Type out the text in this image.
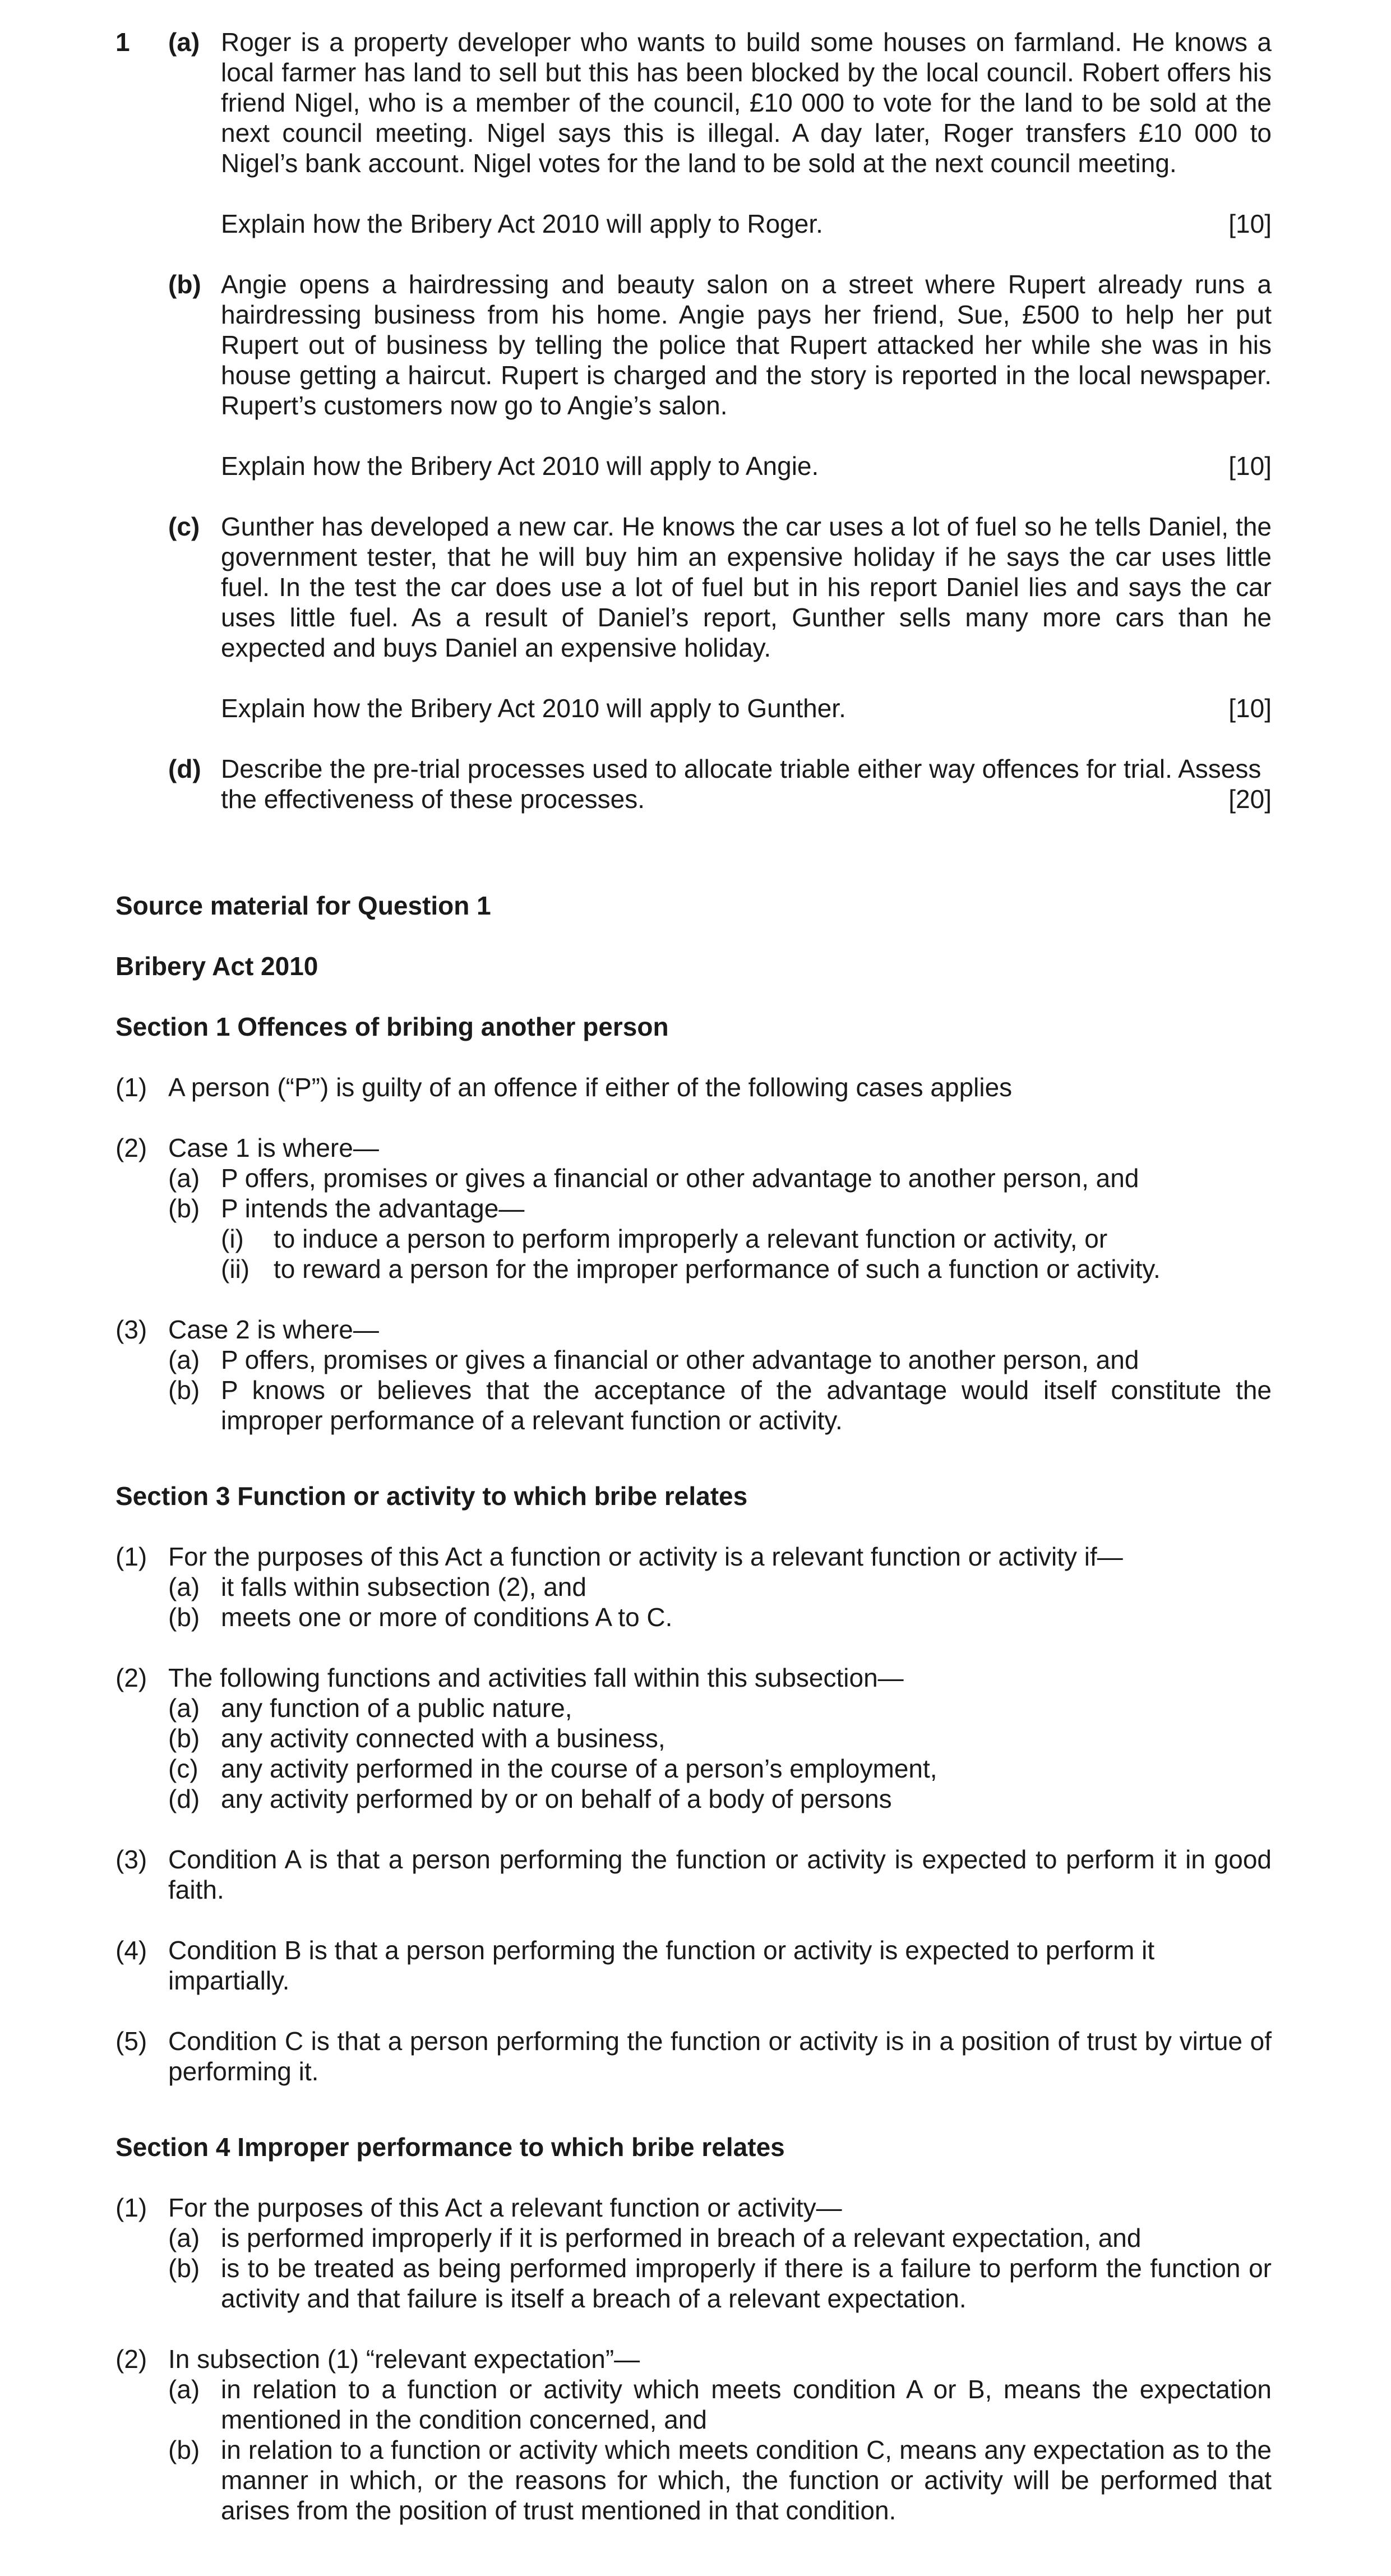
1 (a) Roger is a property developer who wants to build some houses on farmland. He knows a local farmer has land to sell but this has been blocked by the local council. Robert offers his friend Nigel, who is a member of the council, £10 000 to vote for the land to be sold at the next council meeting. Nigel says this is illegal. A day later, Roger transfers £10 000 to Nigel’s bank account. Nigel votes for the land to be sold at the next council meeting.

Explain how the Bribery Act 2010 will apply to Roger.	[10]
(b) Angie opens a hairdressing and beauty salon on a street where Rupert already runs a hairdressing business from his home. Angie pays her friend, Sue, £500 to help her put Rupert out of business by telling the police that Rupert attacked her while she was in his house getting a haircut. Rupert is charged and the story is reported in the local newspaper. Rupert’s customers now go to Angie’s salon.

Explain how the Bribery Act 2010 will apply to Angie.	[10]
(c) Gunther has developed a new car. He knows the car uses a lot of fuel so he tells Daniel, the government tester, that he will buy him an expensive holiday if he says the car uses little fuel. In the test the car does use a lot of fuel but in his report Daniel lies and says the car uses little fuel. As a result of Daniel’s report, Gunther sells many more cars than he expected and buys Daniel an expensive holiday.

Explain how the Bribery Act 2010 will apply to Gunther.	[10]
(d) Describe the pre-trial processes used to allocate triable either way offences for trial. Assess
the effectiveness of these processes.	[20]

Source material for Question 1

Bribery Act 2010

Section 1 Offences of bribing another person

(1) A person (“P”) is guilty of an offence if either of the following cases applies
(2) Case 1 is where—
(a) P offers, promises or gives a financial or other advantage to another person, and
(b) P intends the advantage—
(i) to induce a person to perform improperly a relevant function or activity, or
(ii) to reward a person for the improper performance of such a function or activity.
(3) Case 2 is where—
(a) P offers, promises or gives a financial or other advantage to another person, and
(b) P knows or believes that the acceptance of the advantage would itself constitute the improper performance of a relevant function or activity.

Section 3 Function or activity to which bribe relates

(1) For the purposes of this Act a function or activity is a relevant function or activity if—
(a) it falls within subsection (2), and
(b) meets one or more of conditions A to C.
(2) The following functions and activities fall within this subsection—
(a) any function of a public nature,
(b) any activity connected with a business,
(c) any activity performed in the course of a person’s employment,
(d) any activity performed by or on behalf of a body of persons
(3) Condition A is that a person performing the function or activity is expected to perform it in good faith.
(4) Condition B is that a person performing the function or activity is expected to perform it impartially.
(5) Condition C is that a person performing the function or activity is in a position of trust by virtue of performing it.

Section 4 Improper performance to which bribe relates

(1) For the purposes of this Act a relevant function or activity—
(a) is performed improperly if it is performed in breach of a relevant expectation, and
(b) is to be treated as being performed improperly if there is a failure to perform the function or activity and that failure is itself a breach of a relevant expectation.
(2) In subsection (1) “relevant expectation”—
(a) in relation to a function or activity which meets condition A or B, means the expectation mentioned in the condition concerned, and
(b) in relation to a function or activity which meets condition C, means any expectation as to the manner in which, or the reasons for which, the function or activity will be performed that arises from the position of trust mentioned in that condition.
